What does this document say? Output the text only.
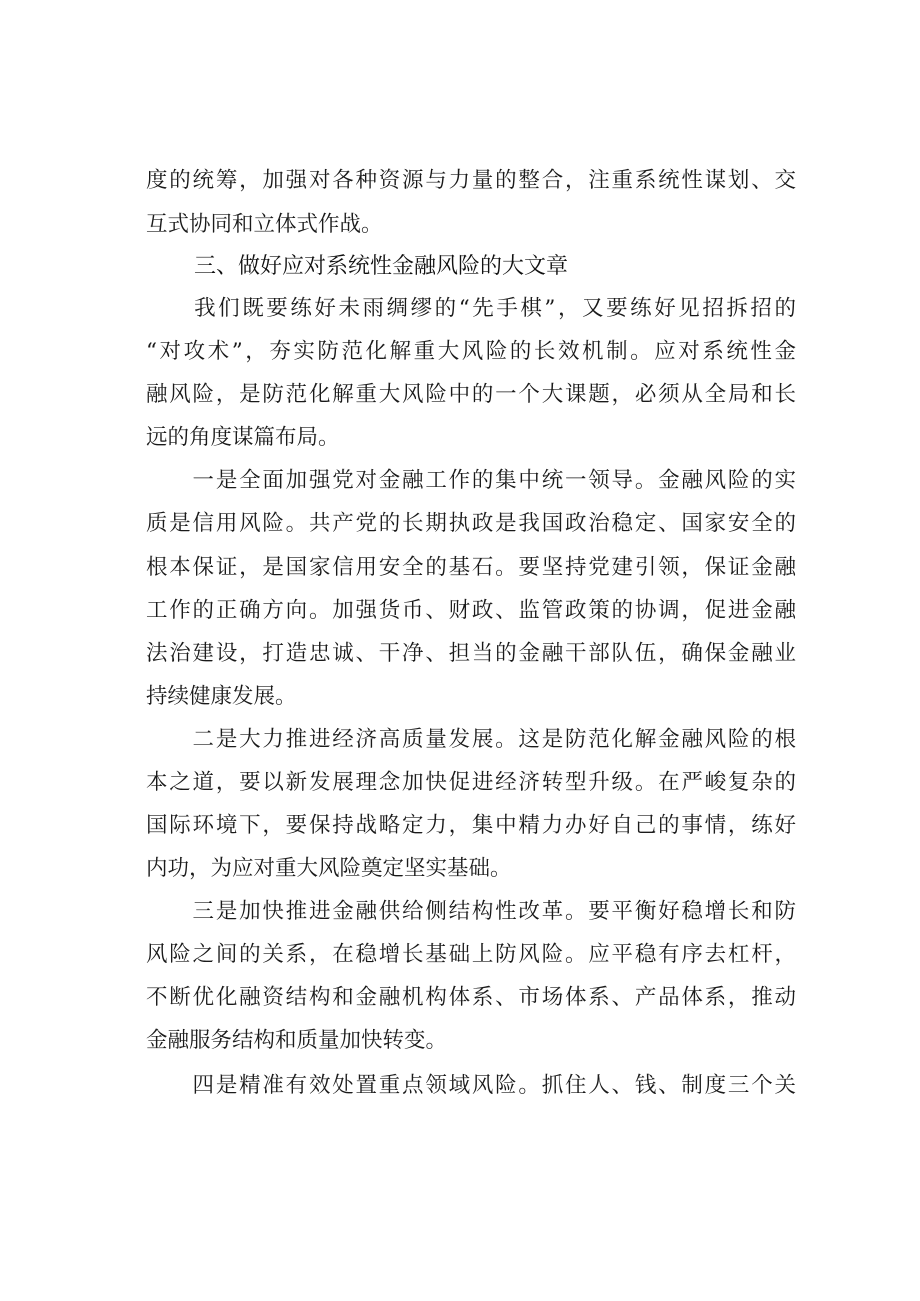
度的统筹，加强对各种资源与力量的整合，注重系统性谋划、交
互式协同和立体式作战。
三、做好应对系统性金融风险的大文章
　　我们既要练好未雨绸缪的“先手棋”，又要练好见招拆招的
“对攻术”，夯实防范化解重大风险的长效机制。应对系统性金
融风险，是防范化解重大风险中的一个大课题，必须从全局和长
远的角度谋篇布局。
　　一是全面加强党对金融工作的集中统一领导。金融风险的实
质是信用风险。共产党的长期执政是我国政治稳定、国家安全的
根本保证，是国家信用安全的基石。要坚持党建引领，保证金融
工作的正确方向。加强货币、财政、监管政策的协调，促进金融
法治建设，打造忠诚、干净、担当的金融干部队伍，确保金融业
持续健康发展。
　　二是大力推进经济高质量发展。这是防范化解金融风险的根
本之道，要以新发展理念加快促进经济转型升级。在严峻复杂的
国际环境下，要保持战略定力，集中精力办好自己的事情，练好
内功，为应对重大风险奠定坚实基础。
　　三是加快推进金融供给侧结构性改革。要平衡好稳增长和防
风险之间的关系，在稳增长基础上防风险。应平稳有序去杠杆，
不断优化融资结构和金融机构体系、市场体系、产品体系，推动
金融服务结构和质量加快转变。
　　四是精准有效处置重点领域风险。抓住人、钱、制度三个关
